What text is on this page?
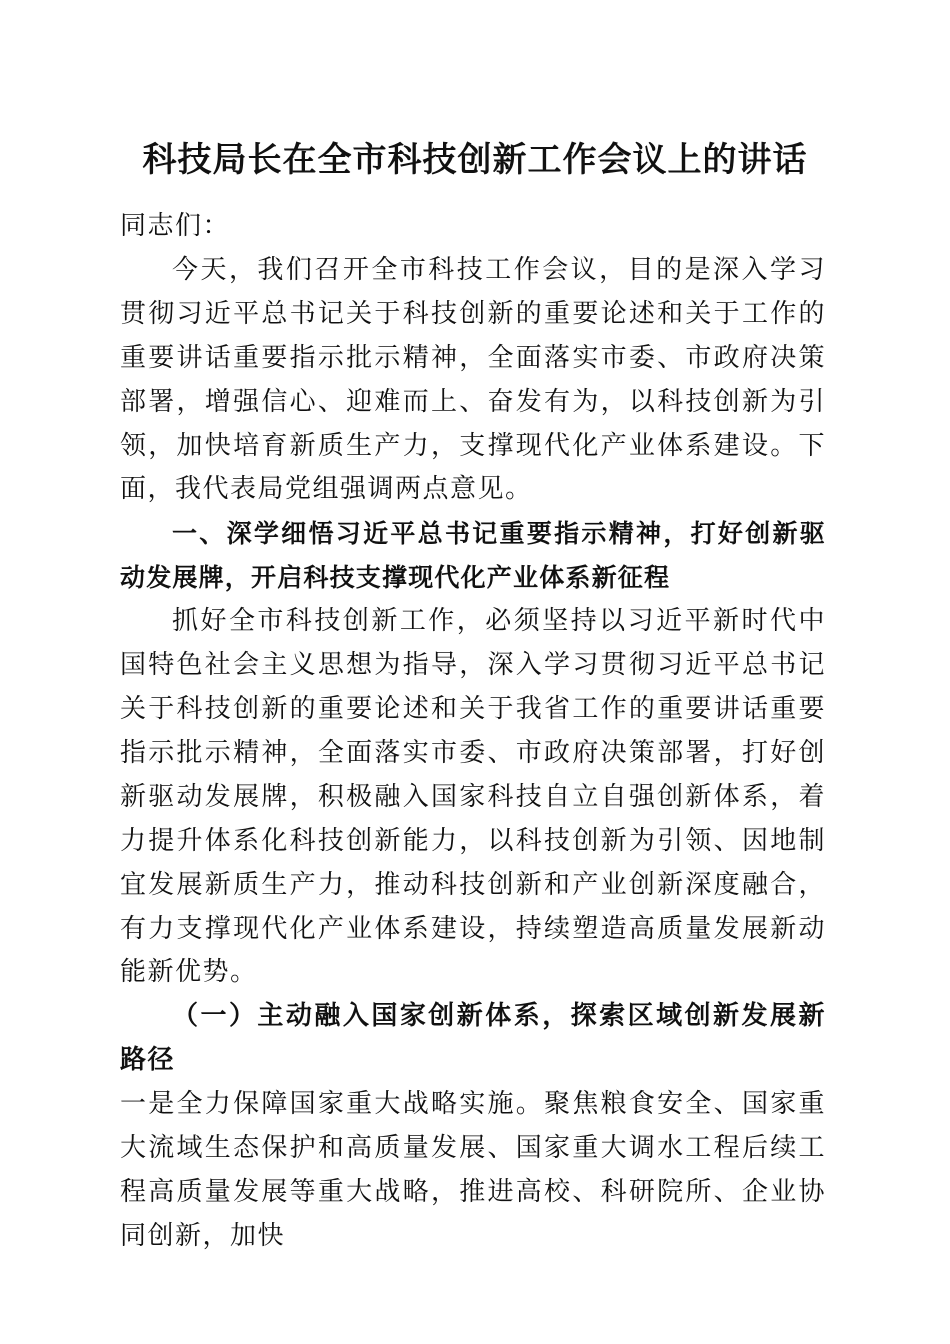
科技局长在全市科技创新工作会议上的讲话

同志们：

今天，我们召开全市科技工作会议，目的是深入学习贯彻习近平总书记关于科技创新的重要论述和关于工作的重要讲话重要指示批示精神，全面落实市委、市政府决策部署，增强信心、迎难而上、奋发有为，以科技创新为引领，加快培育新质生产力，支撑现代化产业体系建设。下面，我代表局党组强调两点意见。

一、深学细悟习近平总书记重要指示精神，打好创新驱动发展牌，开启科技支撑现代化产业体系新征程

抓好全市科技创新工作，必须坚持以习近平新时代中国特色社会主义思想为指导，深入学习贯彻习近平总书记关于科技创新的重要论述和关于我省工作的重要讲话重要指示批示精神，全面落实市委、市政府决策部署，打好创新驱动发展牌，积极融入国家科技自立自强创新体系，着力提升体系化科技创新能力，以科技创新为引领、因地制宜发展新质生产力，推动科技创新和产业创新深度融合，有力支撑现代化产业体系建设，持续塑造高质量发展新动能新优势。

（一）主动融入国家创新体系，探索区域创新发展新路径

一是全力保障国家重大战略实施。聚焦粮食安全、国家重大流域生态保护和高质量发展、国家重大调水工程后续工程高质量发展等重大战略，推进高校、科研院所、企业协同创新，加快
